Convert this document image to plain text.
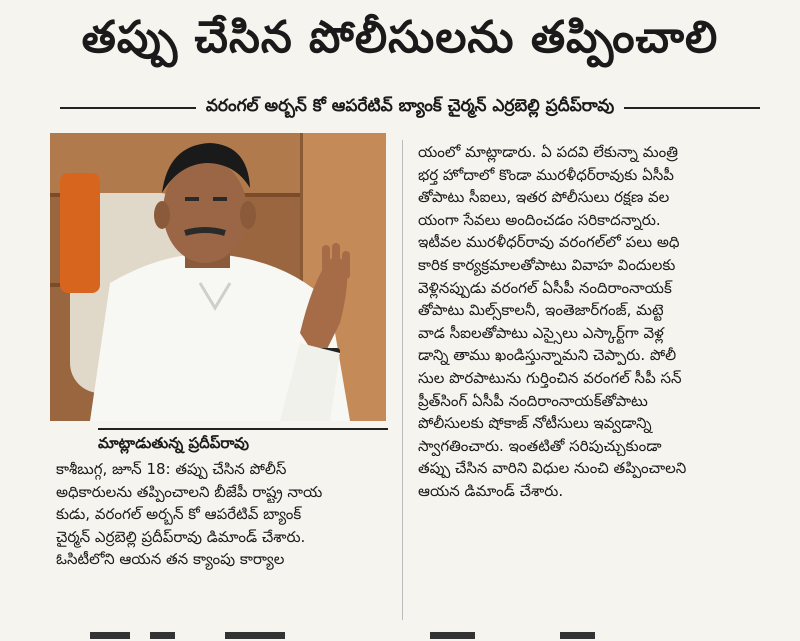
తప్పు చేసిన పోలీసులను తప్పించాలి
వరంగల్ అర్బన్ కో ఆపరేటివ్ బ్యాంక్ చైర్మన్ ఎర్రబెల్లి ప్రదీప్‌రావు
మాట్లాడుతున్న ప్రదీప్‌రావు
యంలో మాట్లాడారు. ఏ పదవి లేకున్నా మంత్రి
భర్త హోదాలో కొండా మురళీధర్‌రావుకు ఏసీపీ
తోపాటు సీఐలు, ఇతర పోలీసులు రక్షణ వల
యంగా సేవలు అందించడం సరికాదన్నారు.
ఇటీవల మురళీధర్‌రావు వరంగల్‌లో పలు అధి
కారిక కార్యక్రమాలతోపాటు వివాహ విందులకు
వెళ్లినప్పుడు వరంగల్ ఏసీపీ నందిరాంనాయక్
తోపాటు మిల్స్‌కాలనీ, ఇంతెజార్‌గంజ్, మట్టె
వాడ సీఐలతోపాటు ఎస్సైలు ఎస్కార్ట్‌గా వెళ్ల
డాన్ని తాము ఖండిస్తున్నామని చెప్పారు. పోలీ
సుల పొరపాటును గుర్తించిన వరంగల్ సీపీ సన్
ప్రీత్‌సింగ్ ఏసీపీ నందిరాంనాయక్‌తోపాటు
పోలీసులకు షోకాజ్ నోటీసులు ఇవ్వడాన్ని
స్వాగతించారు. ఇంతటితో సరిపుచ్చుకుండా
తప్పు చేసిన వారిని విధుల నుంచి తప్పించాలని
ఆయన డిమాండ్ చేశారు.
కాశీబుగ్గ, జూన్ 18: తప్పు చేసిన పోలీస్
అధికారులను తప్పించాలని బీజేపీ రాష్ట్ర నాయ
కుడు, వరంగల్ అర్బన్ కో ఆపరేటివ్ బ్యాంక్
చైర్మన్ ఎర్రబెల్లి ప్రదీప్‌రావు డిమాండ్ చేశారు.
ఓసిటీలోని ఆయన తన క్యాంపు కార్యాల
